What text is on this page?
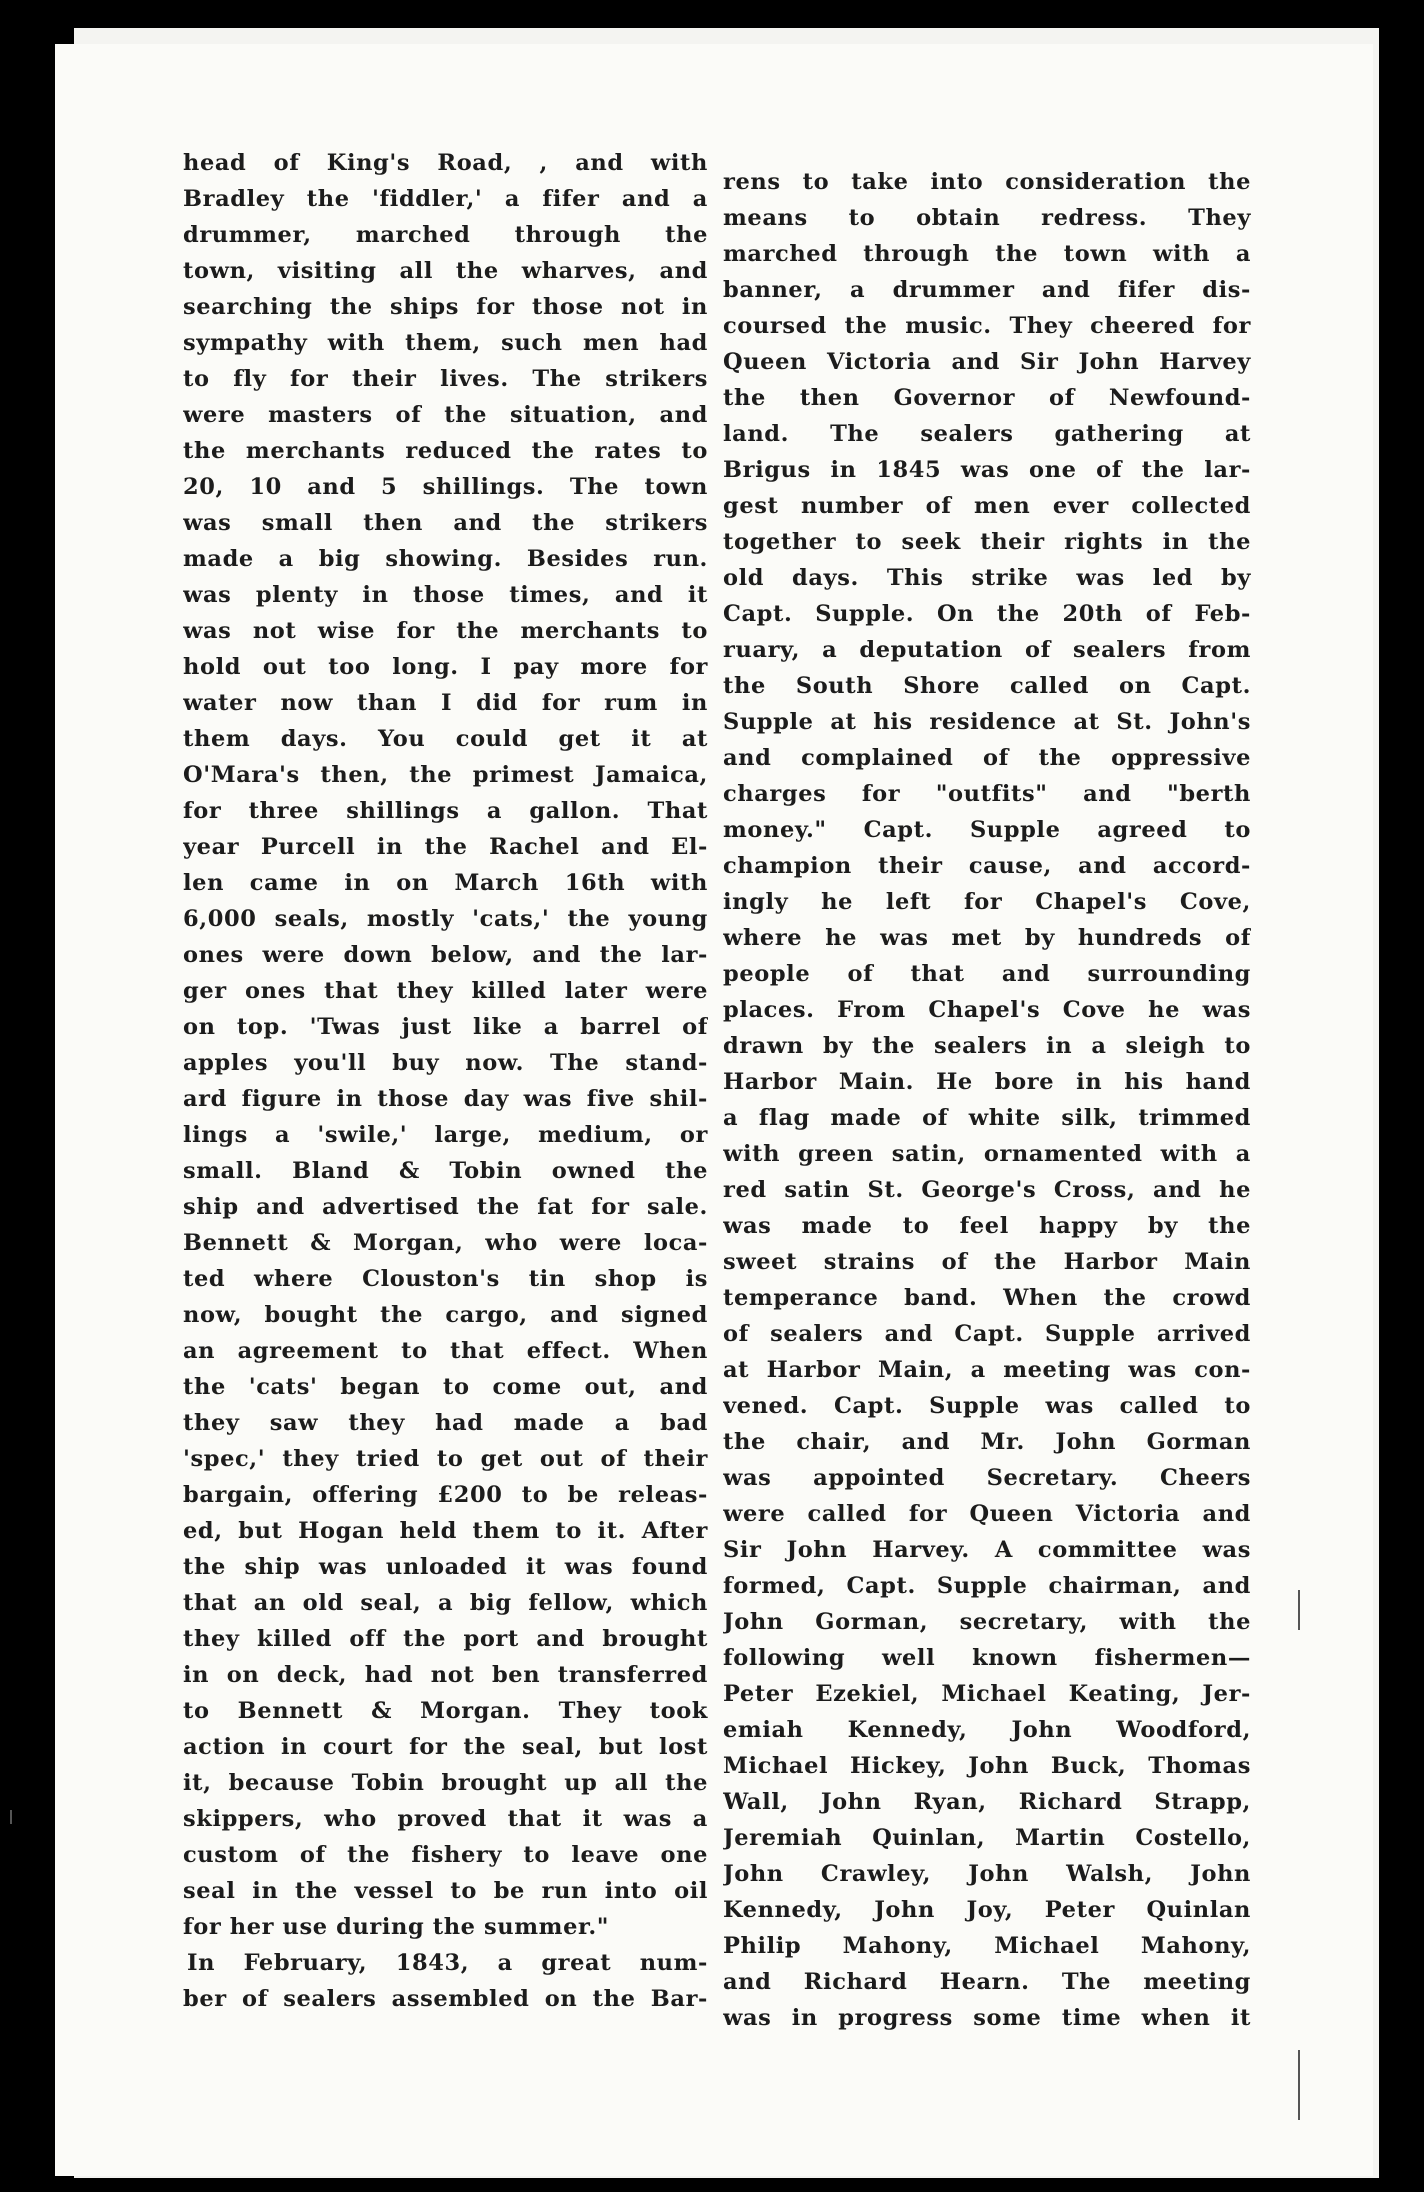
head of King's Road, , and with
Bradley the 'fiddler,' a fifer and a
drummer, marched through the
town, visiting all the wharves, and
searching the ships for those not in
sympathy with them, such men had
to fly for their lives. The strikers
were masters of the situation, and
the merchants reduced the rates to
20, 10 and 5 shillings. The town
was small then and the strikers
made a big showing. Besides run.
was plenty in those times, and it
was not wise for the merchants to
hold out too long. I pay more for
water now than I did for rum in
them days. You could get it at
O'Mara's then, the primest Jamaica,
for three shillings a gallon. That
year Purcell in the Rachel and El-
len came in on March 16th with
6,000 seals, mostly 'cats,' the young
ones were down below, and the lar-
ger ones that they killed later were
on top. 'Twas just like a barrel of
apples you'll buy now. The stand-
ard figure in those day was five shil-
lings a 'swile,' large, medium, or
small. Bland & Tobin owned the
ship and advertised the fat for sale.
Bennett & Morgan, who were loca-
ted where Clouston's tin shop is
now, bought the cargo, and signed
an agreement to that effect. When
the 'cats' began to come out, and
they saw they had made a bad
'spec,' they tried to get out of their
bargain, offering £200 to be releas-
ed, but Hogan held them to it. After
the ship was unloaded it was found
that an old seal, a big fellow, which
they killed off the port and brought
in on deck, had not ben transferred
to Bennett & Morgan. They took
action in court for the seal, but lost
it, because Tobin brought up all the
skippers, who proved that it was a
custom of the fishery to leave one
seal in the vessel to be run into oil
for her use during the summer."
In February, 1843, a great num-
ber of sealers assembled on the Bar-
rens to take into consideration the
means to obtain redress. They
marched through the town with a
banner, a drummer and fifer dis-
coursed the music. They cheered for
Queen Victoria and Sir John Harvey
the then Governor of Newfound-
land. The sealers gathering at
Brigus in 1845 was one of the lar-
gest number of men ever collected
together to seek their rights in the
old days. This strike was led by
Capt. Supple. On the 20th of Feb-
ruary, a deputation of sealers from
the South Shore called on Capt.
Supple at his residence at St. John's
and complained of the oppressive
charges for "outfits" and "berth
money." Capt. Supple agreed to
champion their cause, and accord-
ingly he left for Chapel's Cove,
where he was met by hundreds of
people of that and surrounding
places. From Chapel's Cove he was
drawn by the sealers in a sleigh to
Harbor Main. He bore in his hand
a flag made of white silk, trimmed
with green satin, ornamented with a
red satin St. George's Cross, and he
was made to feel happy by the
sweet strains of the Harbor Main
temperance band. When the crowd
of sealers and Capt. Supple arrived
at Harbor Main, a meeting was con-
vened. Capt. Supple was called to
the chair, and Mr. John Gorman
was appointed Secretary. Cheers
were called for Queen Victoria and
Sir John Harvey. A committee was
formed, Capt. Supple chairman, and
John Gorman, secretary, with the
following well known fishermen—
Peter Ezekiel, Michael Keating, Jer-
emiah Kennedy, John Woodford,
Michael Hickey, John Buck, Thomas
Wall, John Ryan, Richard Strapp,
Jeremiah Quinlan, Martin Costello,
John Crawley, John Walsh, John
Kennedy, John Joy, Peter Quinlan
Philip Mahony, Michael Mahony,
and Richard Hearn. The meeting
was in progress some time when it
